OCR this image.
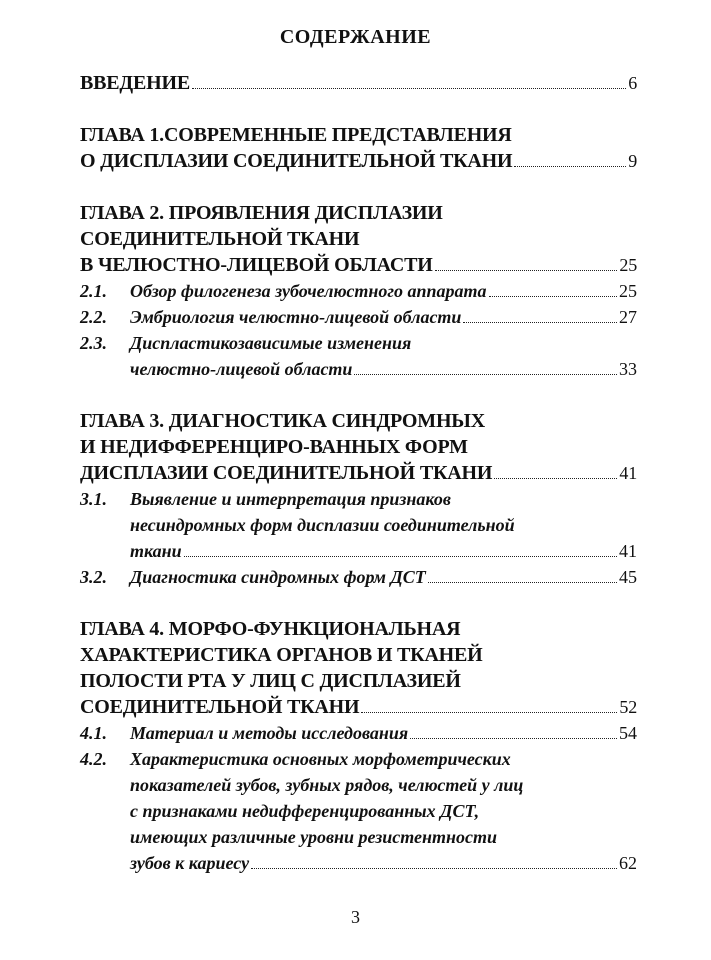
СОДЕРЖАНИЕ
ВВЕДЕНИЕ	6
ГЛАВА 1.СОВРЕМЕННЫЕ ПРЕДСТАВЛЕНИЯ
О ДИСПЛАЗИИ СОЕДИНИТЕЛЬНОЙ ТКАНИ	9
ГЛАВА 2. ПРОЯВЛЕНИЯ ДИСПЛАЗИИ
СОЕДИНИТЕЛЬНОЙ ТКАНИ
В ЧЕЛЮСТНО-ЛИЦЕВОЙ ОБЛАСТИ	25
2.1.	Обзор филогенеза зубочелюстного аппарата	25
2.2.	Эмбриология челюстно-лицевой области	27
2.3.	Диспластикозависимые изменения
челюстно-лицевой области	33
ГЛАВА 3. ДИАГНОСТИКА СИНДРОМНЫХ
И НЕДИФФЕРЕНЦИРО-ВАННЫХ ФОРМ
ДИСПЛАЗИИ СОЕДИНИТЕЛЬНОЙ ТКАНИ	41
3.1.	Выявление и интерпретация признаков
несиндромных форм дисплазии соединительной
ткани	41
3.2.	Диагностика синдромных форм ДСТ	45
ГЛАВА 4. МОРФО-ФУНКЦИОНАЛЬНАЯ
ХАРАКТЕРИСТИКА ОРГАНОВ И ТКАНЕЙ
ПОЛОСТИ РТА У ЛИЦ С ДИСПЛАЗИЕЙ
СОЕДИНИТЕЛЬНОЙ ТКАНИ	52
4.1.	Материал и методы исследования	54
4.2.	Характеристика основных морфометрических
показателей зубов, зубных рядов, челюстей у лиц
с признаками недифференцированных ДСТ,
имеющих различные уровни резистентности
зубов к кариесу	62
3
